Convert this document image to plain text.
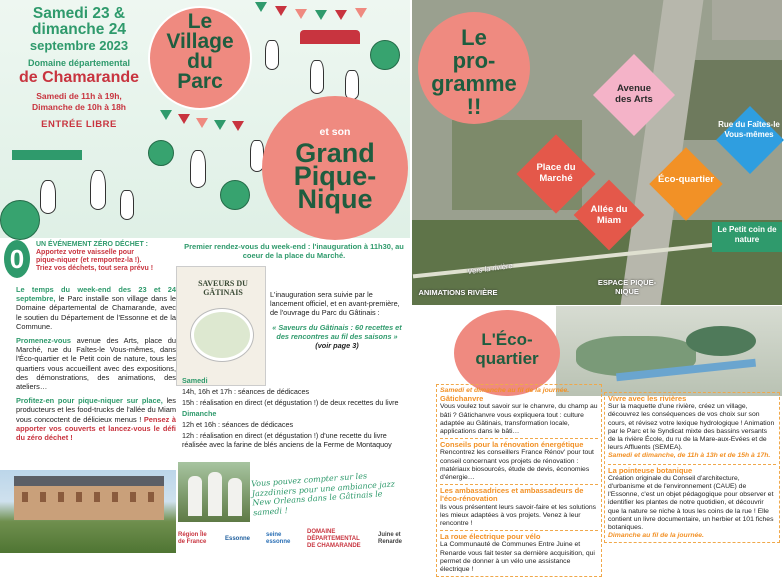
Samedi 23 &
dimanche 24
septembre 2023
Domaine départemental
de Chamarande
Samedi de 11h à 19h,
Dimanche de 10h à 18h
ENTRÉE LIBRE
Le
Village
du
Parc
et son
Grand
Pique-
Nique
0	UN ÉVÉNEMENT ZÉRO DÉCHET :
Apportez votre vaisselle pour
pique-niquer (et remportez-la !).
Triez vos déchets, tout sera prévu !

Le temps du week-end des 23 et 24 septembre, le Parc installe son village dans le Domaine départemental de Chamarande, avec le soutien du Département de l'Essonne et de la Commune.

Promenez-vous avenue des Arts, place du Marché, rue du Faîtes-le Vous-mêmes, dans l'Éco-quartier et le Petit coin de nature, tous les quartiers vous accueillent avec des expositions, des démonstrations, des animations, des ateliers…

Profitez-en pour pique-niquer sur place, les producteurs et les food-trucks de l'allée du Miam vous concoctent de délicieux menus ! Pensez à apporter vos couverts et lancez-vous le défi du zéro déchet !

Premier rendez-vous du week-end : l'inauguration à 11h30, au coeur de la place du Marché.
SAVEURS DU GÂTINAIS	L'inauguration sera suivie par le lancement officiel, et en avant-première, de l'ouvrage du Parc du Gâtinais :
« Saveurs du Gâtinais : 60 recettes et des rencontres au fil des saisons »
(voir page 3)

Samedi

14h, 16h et 17h : séances de dédicaces

15h : réalisation en direct (et dégustation !) de deux recettes du livre

Dimanche

12h et 16h : séances de dédicaces

12h : réalisation en direct (et dégustation !) d'une recette du livre réalisée avec la farine de blés anciens de la Ferme de Montaquoy

Vous pouvez compter sur les Jazzdiniers pour une ambiance jazz New Orleans dans le Gâtinais le samedi !
Région Île de France
Essonne
seine essonne
DOMAINE DÉPARTEMENTAL DE CHAMARANDE
Juine et Renarde
Le
pro-
gramme
!!
Avenue des Arts
Rue du Faîtes-le Vous-mêmes
Place du Marché	Éco-quartier
Allée du Miam
Le Petit coin de nature
ANIMATIONS RIVIÈRE
ESPACE PIQUE-NIQUE
Vers la rivière
L'Éco-
quartier
Samedi et dimanche au fil de la journée.
Gâtichanvre
Vous voulez tout savoir sur le chanvre, du champ au bâti ? Gâtichanvre vous expliquera tout : culture adaptée au Gâtinais, transformation locale, applications dans le bâti…
Conseils pour la rénovation énergétique
Rencontrez les conseillers France Rénov' pour tout conseil concernant vos projets de rénovation : matériaux biosourcés, étude de devis, économies d'énergie…
Les ambassadrices et ambassadeurs de l'éco-rénovation
Ils vous présentent leurs savoir-faire et les solutions les mieux adaptées à vos projets. Venez à leur rencontre !
La roue électrique pour vélo
La Communauté de Communes Entre Juine et Renarde vous fait tester sa dernière acquisition, qui permet de donner à un vélo une assistance électrique !
Vivre avec les rivières
Sur la maquette d'une rivière, créez un village, découvrez les conséquences de vos choix sur son cours, et révisez votre lexique hydrologique ! Animation par le Parc et le Syndicat mixte des bassins versants de la rivière École, du ru de la Mare-aux-Evées et de leurs Affluents (SEMEA).
Samedi et dimanche, de 11h à 13h et de 15h à 17h.
La pointeuse botanique
Création originale du Conseil d'architecture, d'urbanisme et de l'environnement (CAUE) de l'Essonne, c'est un objet pédagogique pour observer et identifier les plantes de notre quotidien, et découvrir que la nature se niche à tous les coins de la rue ! Elle contient un livre documentaire, un herbier et 101 fiches botaniques.
Dimanche au fil de la journée.
